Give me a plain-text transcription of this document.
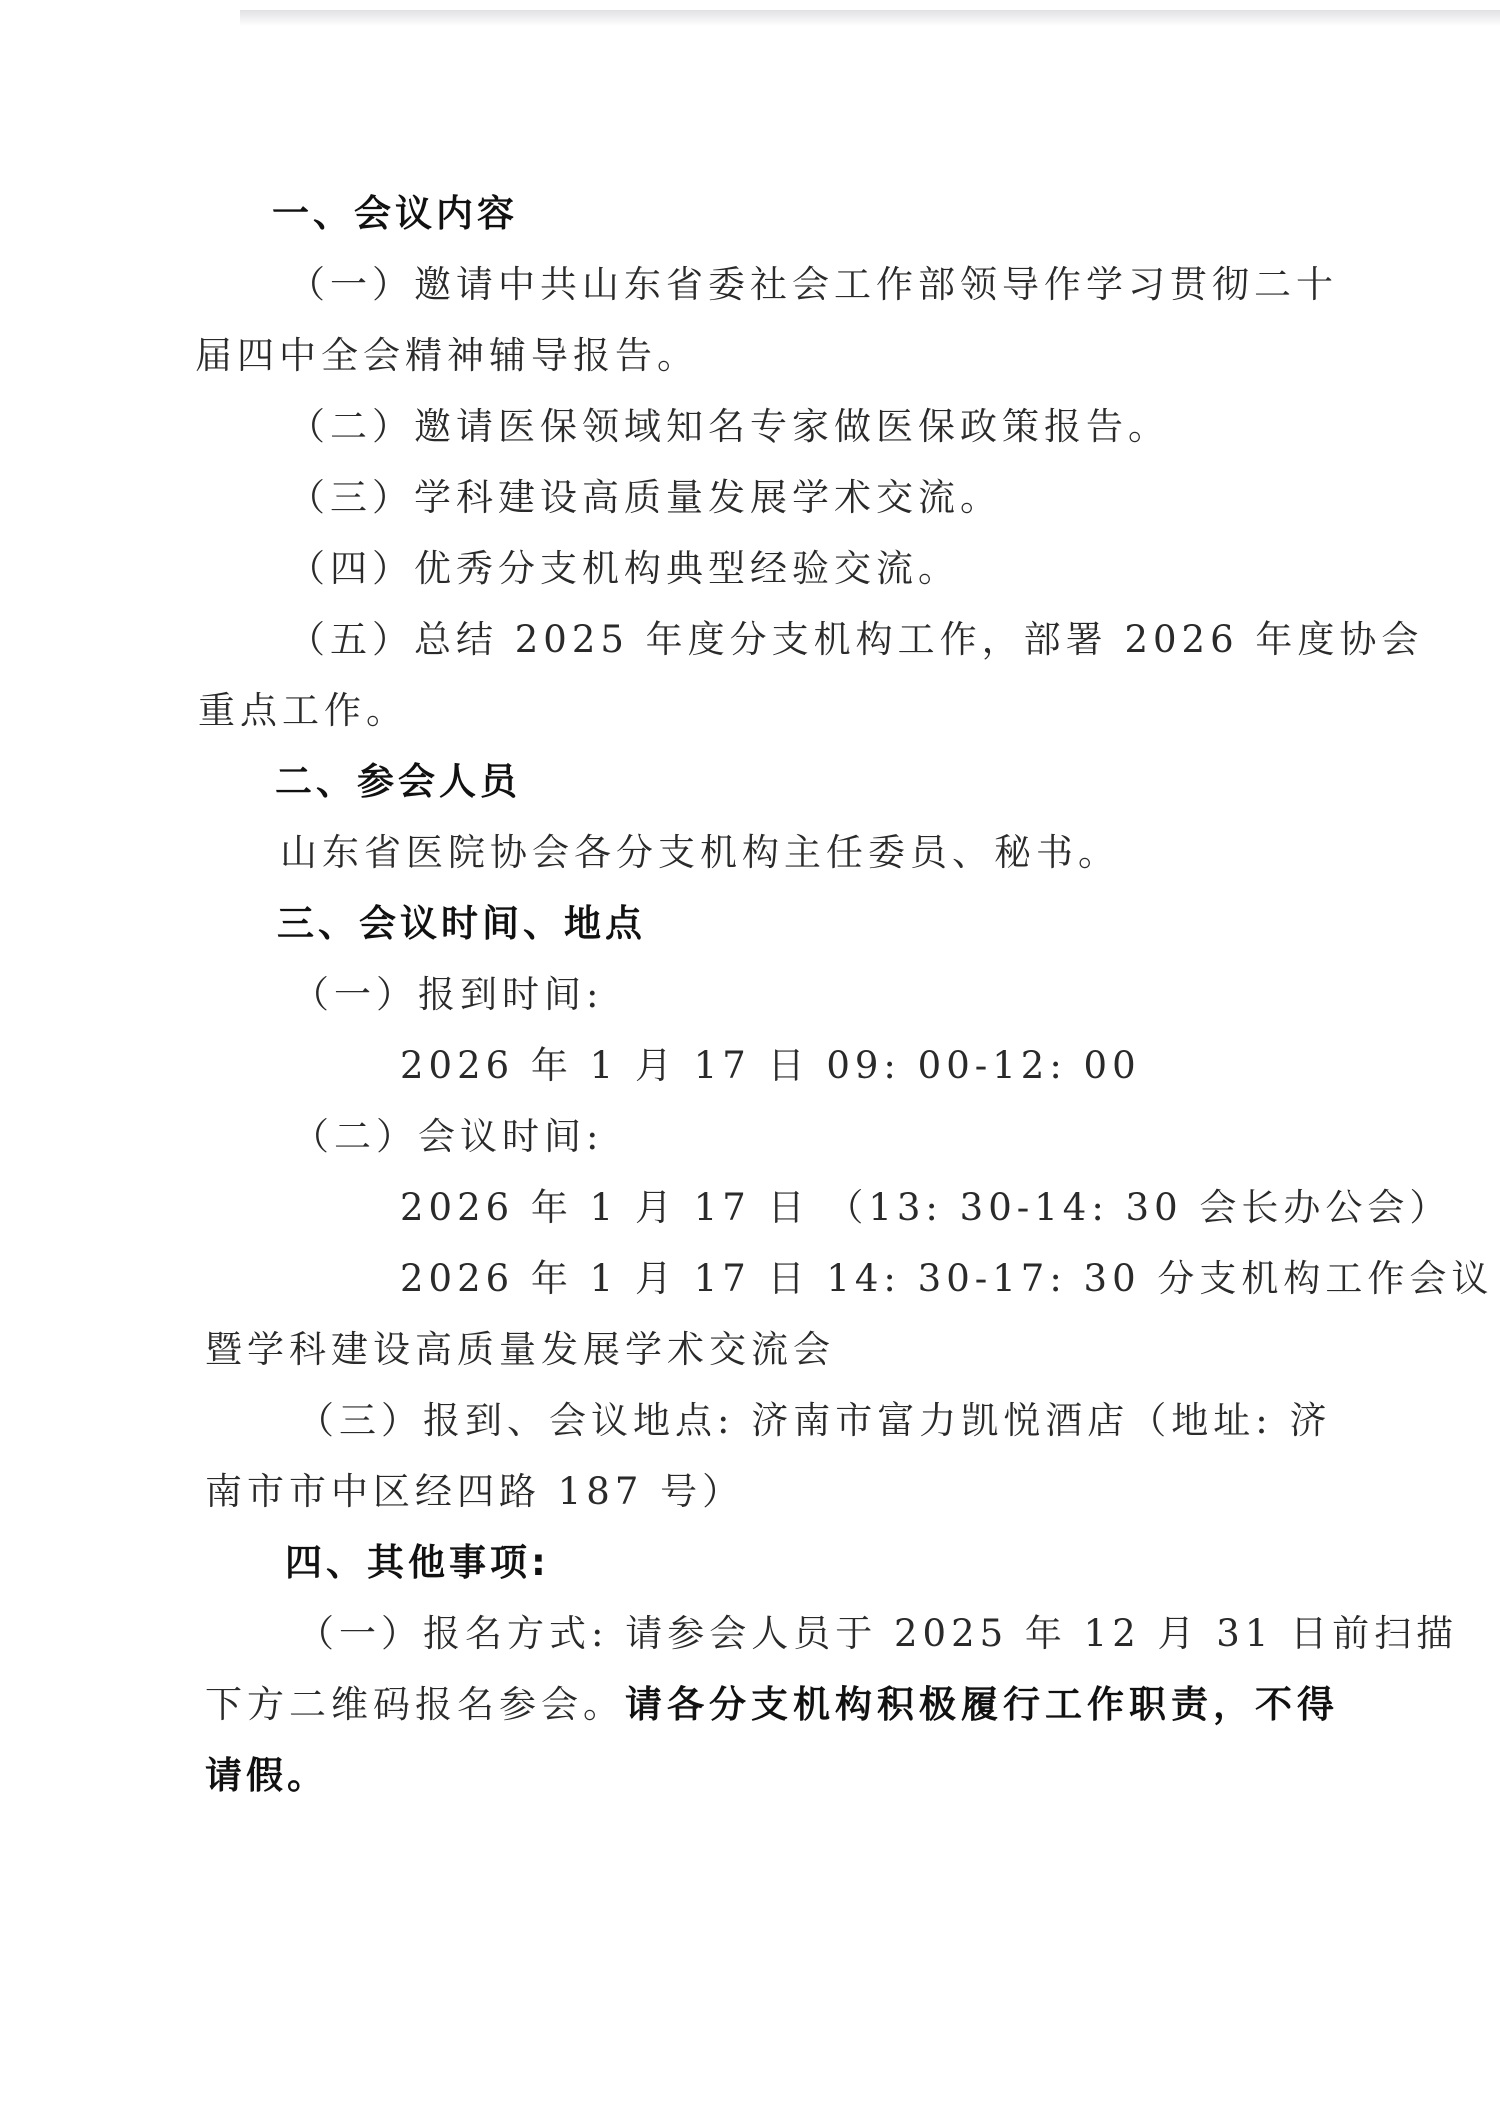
一、会议内容
（一）邀请中共山东省委社会工作部领导作学习贯彻二十
届四中全会精神辅导报告。
（二）邀请医保领域知名专家做医保政策报告。
（三）学科建设高质量发展学术交流。
（四）优秀分支机构典型经验交流。
（五）总结 2025 年度分支机构工作，部署 2026 年度协会
重点工作。
二、参会人员
山东省医院协会各分支机构主任委员、秘书。
三、会议时间、地点
（一）报到时间:
2026 年 1 月 17 日 09: 00-12: 00
（二）会议时间:
2026 年 1 月 17 日 （13: 30-14: 30 会长办公会）
2026 年 1 月 17 日 14: 30-17: 30 分支机构工作会议
暨学科建设高质量发展学术交流会
（三）报到、会议地点: 济南市富力凯悦酒店（地址: 济
南市市中区经四路 187 号）
四、其他事项:
（一）报名方式: 请参会人员于 2025 年 12 月 31 日前扫描
下方二维码报名参会。请各分支机构积极履行工作职责，不得
请假。
